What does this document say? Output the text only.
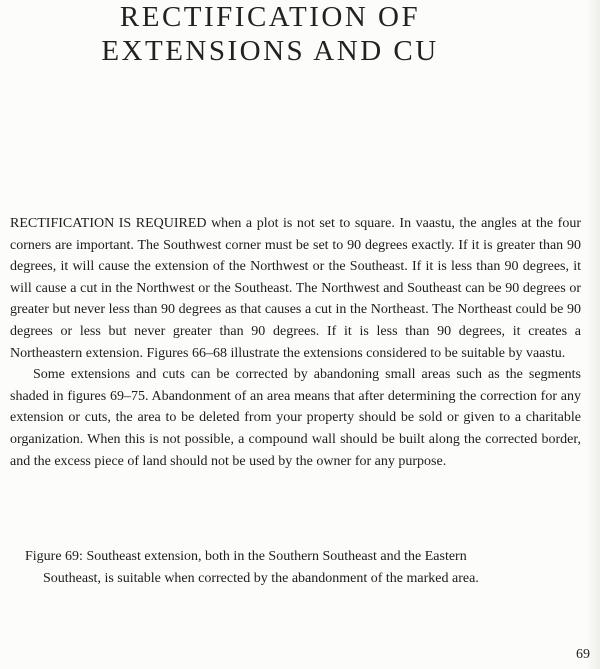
RECTIFICATION OF
EXTENSIONS AND CU

RECTIFICATION IS REQUIRED when a plot is not set to square. In vaastu, the angles at the four corners are important. The Southwest corner must be set to 90 degrees exactly. If it is greater than 90 degrees, it will cause the extension of the Northwest or the Southeast. If it is less than 90 degrees, it will cause a cut in the Northwest or the Southeast. The Northwest and Southeast can be 90 degrees or greater but never less than 90 degrees as that causes a cut in the Northeast. The Northeast could be 90 degrees or less but never greater than 90 degrees. If it is less than 90 degrees, it creates a Northeastern extension. Figures 66–68 illustrate the extensions considered to be suitable by vaastu.

Some extensions and cuts can be corrected by abandoning small areas such as the segments shaded in figures 69–75. Abandonment of an area means that after determining the correction for any extension or cuts, the area to be deleted from your property should be sold or given to a charitable organization. When this is not possible, a compound wall should be built along the corrected border, and the excess piece of land should not be used by the owner for any purpose.

Figure 69: Southeast extension, both in the Southern Southeast and the Eastern Southeast, is suitable when corrected by the abandonment of the marked area.

69
